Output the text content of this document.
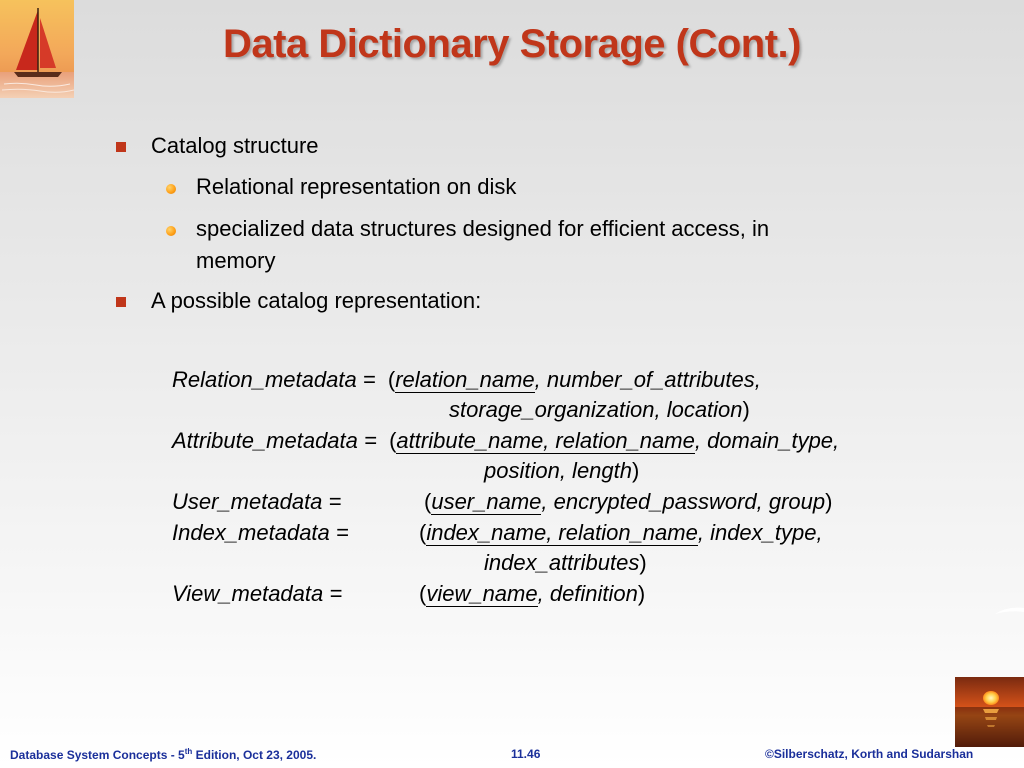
Data Dictionary Storage (Cont.)
Catalog structure
Relational representation on disk
specialized data structures designed for efficient access, in
memory
A possible catalog representation:
Relation_metadata = (relation_name, number_of_attributes,
storage_organization, location)
Attribute_metadata = (attribute_name, relation_name, domain_type,
position, length)
User_metadata =	(user_name, encrypted_password, group)
Index_metadata =	(index_name, relation_name, index_type,
index_attributes)
View_metadata =	(view_name, definition)
Database System Concepts - 5th Edition, Oct 23, 2005.	11.46	©Silberschatz, Korth and Sudarshan
